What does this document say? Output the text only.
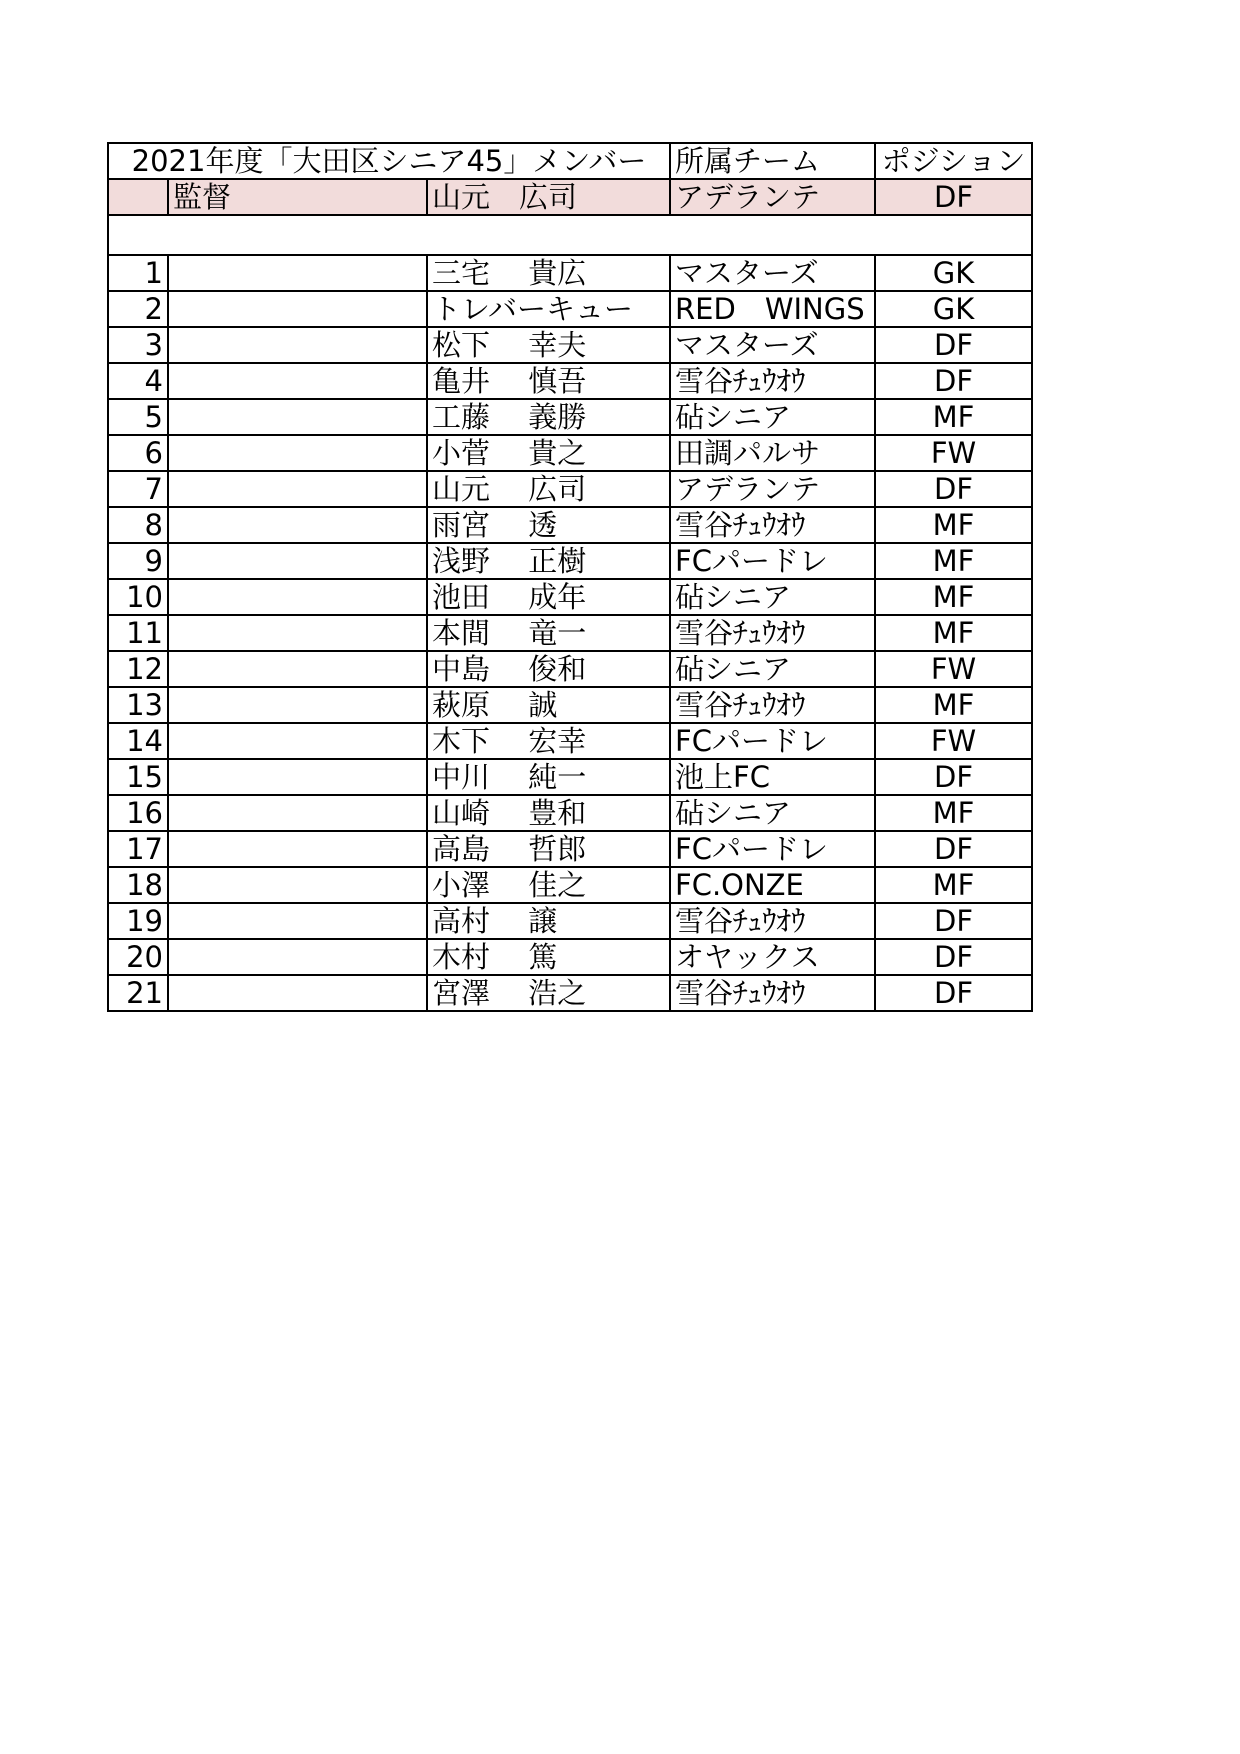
2021年度「大田区シニア45」メンバー			所属チーム	ポジション
	監督	山元　広司	アデランテ	DF

1		三宅　 貴広	マスターズ	GK
2		トレバーキュー	RED　WINGS	GK
3		松下　 幸夫	マスターズ	DF
4		亀井　 慎吾	雪谷ﾁｭｳｵｳ	DF
5		工藤　 義勝	砧シニア	MF
6		小菅　 貴之	田調パルサ	FW
7		山元　 広司	アデランテ	DF
8		雨宮　 透	雪谷ﾁｭｳｵｳ	MF
9		浅野　 正樹	FCパードレ	MF
10		池田　 成年	砧シニア	MF
11		本間　 竜一	雪谷ﾁｭｳｵｳ	MF
12		中島　 俊和	砧シニア	FW
13		萩原　 誠	雪谷ﾁｭｳｵｳ	MF
14		木下　 宏幸	FCパードレ	FW
15		中川　 純一	池上FC	DF
16		山崎　 豊和	砧シニア	MF
17		高島　 哲郎	FCパードレ	DF
18		小澤　 佳之	FC.ONZE	MF
19		高村　 譲	雪谷ﾁｭｳｵｳ	DF
20		木村　 篤	オヤックス	DF
21		宮澤　 浩之	雪谷ﾁｭｳｵｳ	DF
